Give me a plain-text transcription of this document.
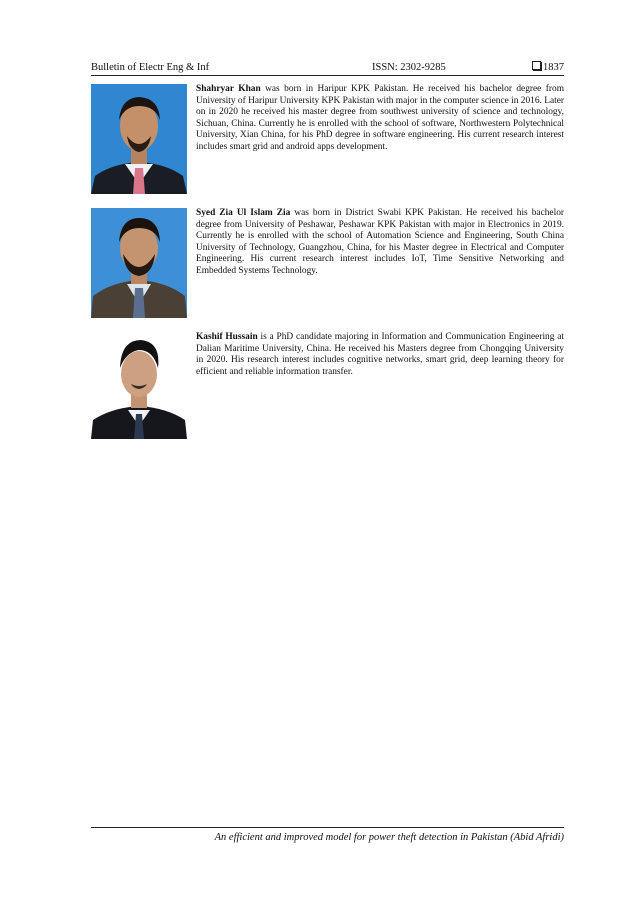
Bulletin of Electr Eng & Inf	ISSN: 2302-9285	1837

Shahryar Khan was born in Haripur KPK Pakistan. He received his bachelor degree from University of Haripur University KPK Pakistan with major in the computer science in 2016. Later on in 2020 he received his master degree from southwest university of science and technology, Sichuan, China. Currently he is enrolled with the school of software, Northwestern Polytechnical University, Xian China, for his PhD degree in software engineering. His current research interest includes smart grid and android apps development.

Syed Zia Ul Islam Zia was born in District Swabi KPK Pakistan. He received his bachelor degree from University of Peshawar, Peshawar KPK Pakistan with major in Electronics in 2019. Currently he is enrolled with the school of Automation Science and Engineering, South China University of Technology, Guangzhou, China, for his Master degree in Electrical and Computer Engineering. His current research interest includes IoT, Time Sensitive Networking and Embedded Systems Technology.

Kashif Hussain is a PhD candidate majoring in Information and Communication Engineering at Dalian Maritime University, China. He received his Masters degree from Chongqing University in 2020. His research interest includes cognitive networks, smart grid, deep learning theory for efficient and reliable information transfer.

An efficient and improved model for power theft detection in Pakistan (Abid Afridi)
